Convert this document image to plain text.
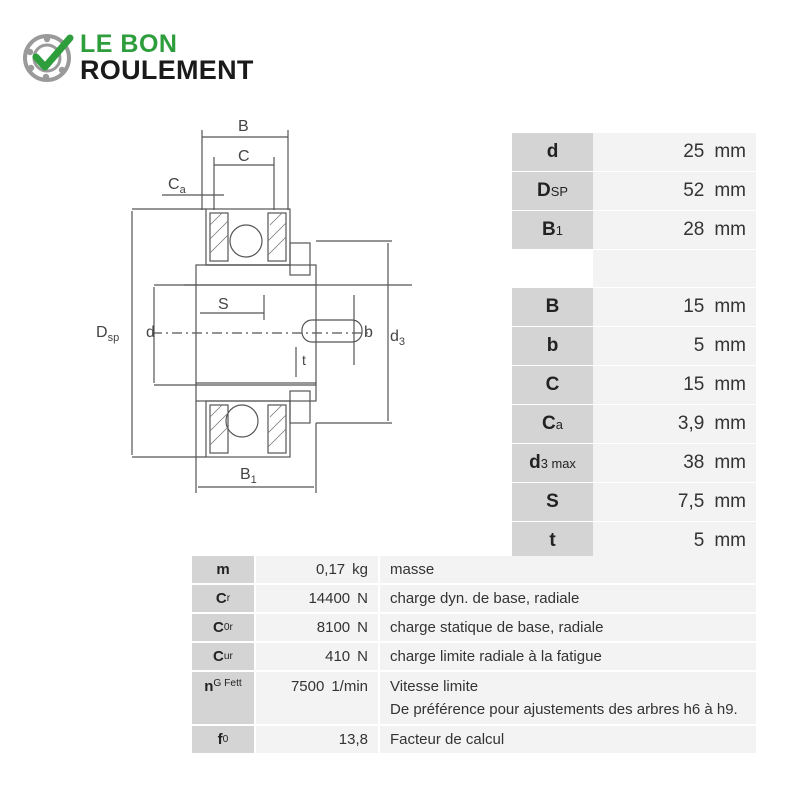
LE BON
ROULEMENT
B
C
$C_a$
$D_{sp}$ d
S
b $d_3$
t
$B_1$
d	25 mm
D SP	52 mm
B 1	28 mm
B	15 mm
b	5 mm
C	15 mm
C a	3,9 mm
d 3 max	38 mm
S	7,5 mm
t	5 mm
m	0,17 kg masse
C r	14400 N charge dyn. de base, radiale
C 0r	8100 N charge statique de base, radiale
C ur	410 N charge limite radiale à la fatigue
$n^{G Fett}$	7500 1/min Vitesse limite
De préférence pour ajustements des arbres h6 à h9.
f 0	13,8 Facteur de calcul
